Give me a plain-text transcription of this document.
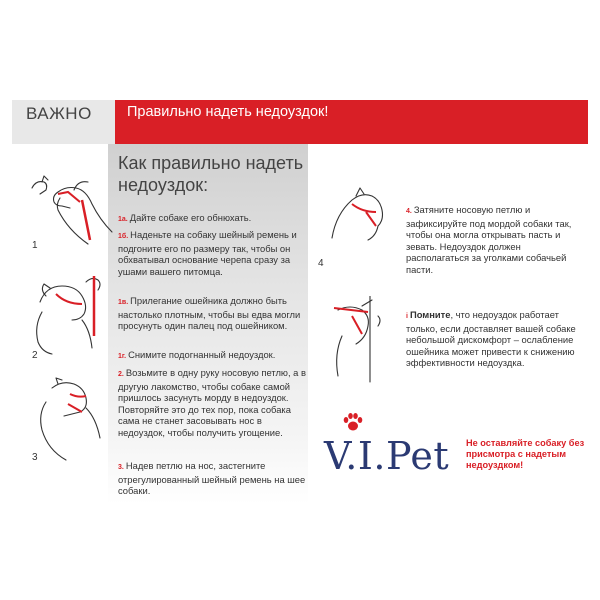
ВАЖНО Правильно надеть недоуздок!
Как правильно надеть недоуздок:
1а. Дайте собаке его обнюхать.
1б. Наденьте на собаку шейный ремень и подгоните его по размеру так, чтобы он обхватывал основание черепа сразу за ушами вашего питомца.
1в. Прилегание ошейника должно быть настолько плотным, чтобы вы едва могли просунуть один палец под ошейником.
1г. Снимите подогнанный недоуздок.
2. Возьмите в одну руку носовую петлю, а в другую лакомство, чтобы собаке самой пришлось засунуть морду в недоуздок. Повторяйте это до тех пор, пока собака сама не станет засовывать нос в недоуздок, чтобы получить угощение.
3. Надев петлю на нос, застегните отрегулированный шейный ремень на шее собаки.
1
2
3
4
4. Затяните носовую петлю и зафиксируйте под мордой собаки так, чтобы она могла открывать пасть и зевать. Недоуздок должен располагаться за уголками собачьей пасти.
i Помните, что недоуздок работает только, если доставляет вашей собаке небольшой дискомфорт – ослабление ошейника может привести к снижению эффективности недоуздка.
V.I.Pet Не оставляйте собаку без присмотра с надетым недоуздком!
